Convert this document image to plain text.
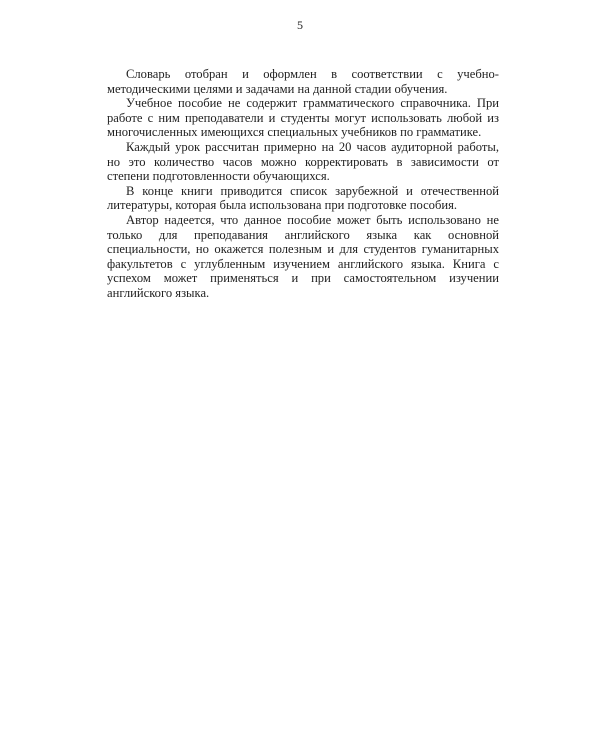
5

Словарь отобран и оформлен в соответствии с учебно-методическими целями и задачами на данной стадии обучения.

Учебное пособие не содержит грамматического справочника. При работе с ним преподаватели и студенты могут использовать любой из многочисленных имеющихся специальных учебников по грамматике.

Каждый урок рассчитан примерно на 20 часов аудиторной работы, но это количество часов можно корректировать в зависимости от степени подготовленности обучающихся.

В конце книги приводится список зарубежной и отечественной литературы, которая была использована при подготовке пособия.

Автор надеется, что данное пособие может быть использовано не только для преподавания английского языка как основной специальности, но окажется полезным и для студентов гуманитарных факультетов с углубленным изучением английского языка. Книга с успехом может применяться и при самостоятельном изучении английского языка.
